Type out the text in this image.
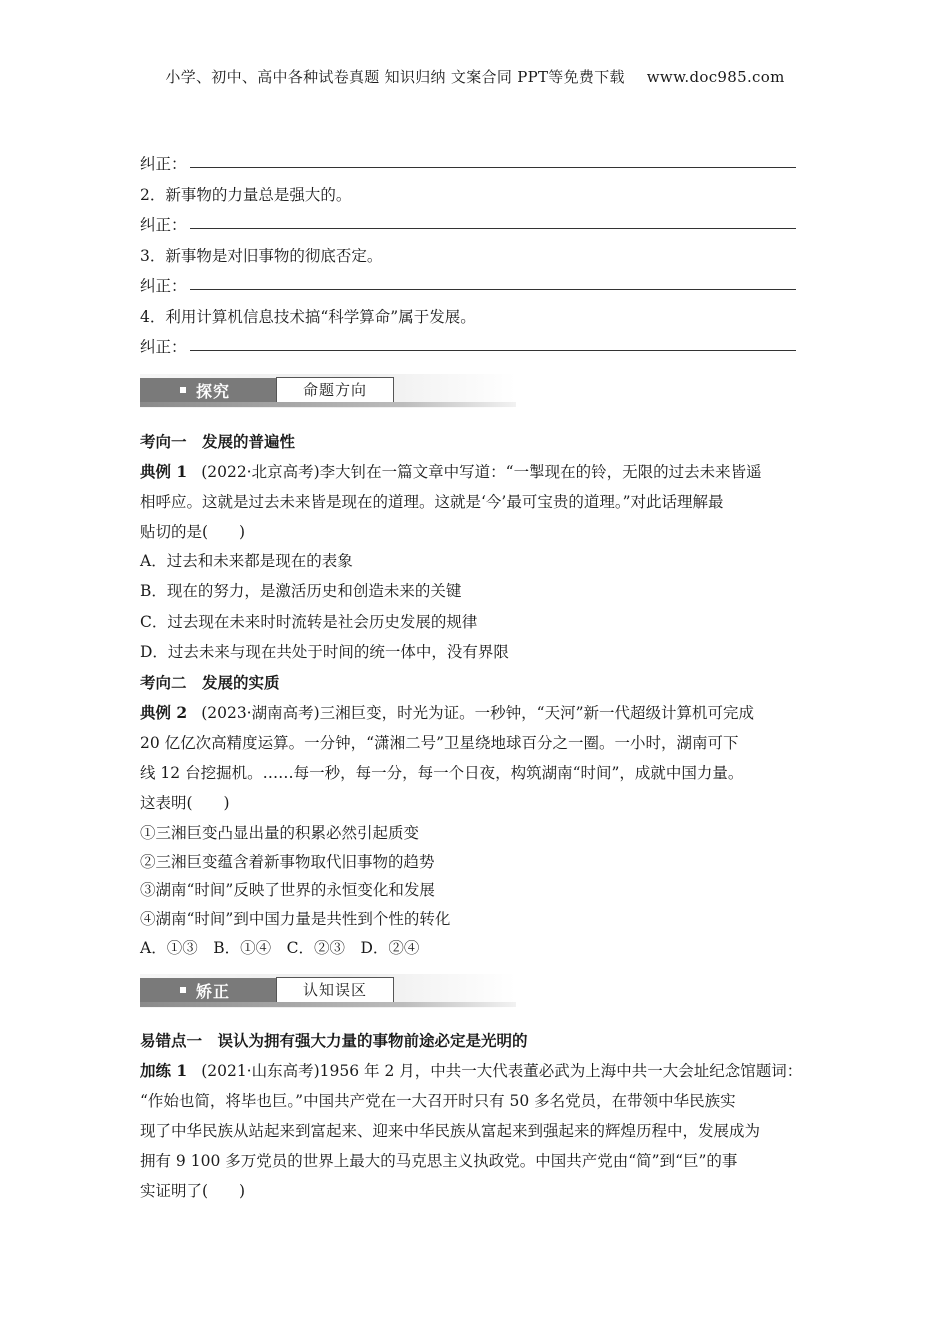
小学、初中、高中各种试卷真题 知识归纳 文案合同 PPT等免费下载 www.doc985.com
纠正：
2．新事物的力量总是强大的。
纠正：
3．新事物是对旧事物的彻底否定。
纠正：
4．利用计算机信息技术搞“科学算命”属于发展。
纠正：
探究	命题方向
考向一　发展的普遍性
典例 1 (2022·北京高考)李大钊在一篇文章中写道：“一掣现在的铃，无限的过去未来皆遥
相呼应。这就是过去未来皆是现在的道理。这就是‘今’最可宝贵的道理。”对此话理解最
贴切的是(　　)
A．过去和未来都是现在的表象
B．现在的努力，是激活历史和创造未来的关键
C．过去现在未来时时流转是社会历史发展的规律
D．过去未来与现在共处于时间的统一体中，没有界限
考向二　发展的实质
典例 2 (2023·湖南高考)三湘巨变，时光为证。一秒钟，“天河”新一代超级计算机可完成
20 亿亿次高精度运算。一分钟，“潇湘二号”卫星绕地球百分之一圈。一小时，湖南可下
线 12 台挖掘机。……每一秒，每一分，每一个日夜，构筑湖南“时间”，成就中国力量。
这表明(　　)
①三湘巨变凸显出量的积累必然引起质变
②三湘巨变蕴含着新事物取代旧事物的趋势
③湖南“时间”反映了世界的永恒变化和发展
④湖南“时间”到中国力量是共性到个性的转化
A．①③　B．①④　C．②③　D．②④
矫正	认知误区
易错点一　误认为拥有强大力量的事物前途必定是光明的
加练 1 (2021·山东高考)1956 年 2 月，中共一大代表董必武为上海中共一大会址纪念馆题词：
“作始也简，将毕也巨。”中国共产党在一大召开时只有 50 多名党员，在带领中华民族实
现了中华民族从站起来到富起来、迎来中华民族从富起来到强起来的辉煌历程中，发展成为
拥有 9 100 多万党员的世界上最大的马克思主义执政党。中国共产党由“简”到“巨”的事
实证明了(　　)
